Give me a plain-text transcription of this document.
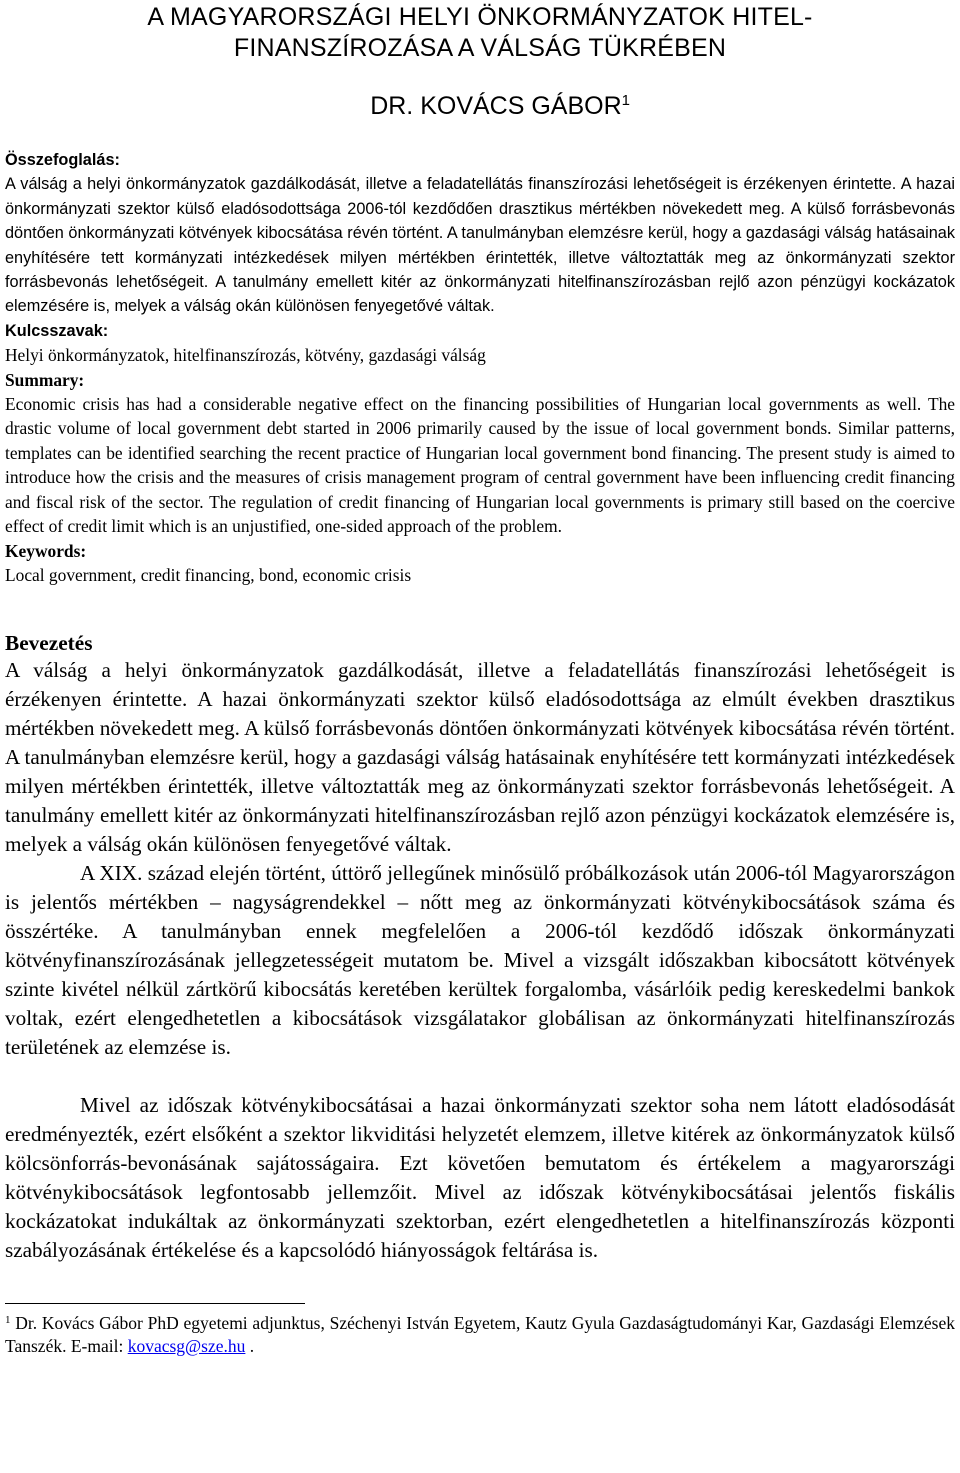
A MAGYARORSZÁGI HELYI ÖNKORMÁNYZATOK HITEL-
FINANSZÍROZÁSA A VÁLSÁG TÜKRÉBEN
DR. KOVÁCS GÁBOR$^1$

Összefoglalás:

A válság a helyi önkormányzatok gazdálkodását, illetve a feladatellátás finanszírozási lehetőségeit is érzékenyen érintette. A hazai önkormányzati szektor külső eladósodottsága 2006-tól kezdődően drasztikus mértékben növekedett meg. A külső forrásbevonás döntően önkormányzati kötvények kibocsátása révén történt. A tanulmányban elemzésre kerül, hogy a gazdasági válság hatásainak enyhítésére tett kormányzati intézkedések milyen mértékben érintették, illetve változtatták meg az önkormányzati szektor forrásbevonás lehetőségeit. A tanulmány emellett kitér az önkormányzati hitelfinanszírozásban rejlő azon pénzügyi kockázatok elemzésére is, melyek a válság okán különösen fenyegetővé váltak.

Kulcsszavak:

Helyi önkormányzatok, hitelfinanszírozás, kötvény, gazdasági válság

Summary:

Economic crisis has had a considerable negative effect on the financing possibilities of Hungarian local governments as well. The drastic volume of local government debt started in 2006 primarily caused by the issue of local government bonds. Similar patterns, templates can be identified searching the recent practice of Hungarian local government bond financing. The present study is aimed to introduce how the crisis and the measures of crisis management program of central government have been influencing credit financing and fiscal risk of the sector. The regulation of credit financing of Hungarian local governments is primary still based on the coercive effect of credit limit which is an unjustified, one-sided approach of the problem.

Keywords:

Local government, credit financing, bond, economic crisis

Bevezetés

A válság a helyi önkormányzatok gazdálkodását, illetve a feladatellátás finanszírozási lehetőségeit is érzékenyen érintette. A hazai önkormányzati szektor külső eladósodottsága az elmúlt években drasztikus mértékben növekedett meg. A külső forrásbevonás döntően önkormányzati kötvények kibocsátása révén történt. A tanulmányban elemzésre kerül, hogy a gazdasági válság hatásainak enyhítésére tett kormányzati intézkedések milyen mértékben érintették, illetve változtatták meg az önkormányzati szektor forrásbevonás lehetőségeit. A tanulmány emellett kitér az önkormányzati hitelfinanszírozásban rejlő azon pénzügyi kockázatok elemzésére is, melyek a válság okán különösen fenyegetővé váltak.

A XIX. század elején történt, úttörő jellegűnek minősülő próbálkozások után 2006-tól Magyarországon is jelentős mértékben – nagyságrendekkel – nőtt meg az önkormányzati kötvénykibocsátások száma és összértéke. A tanulmányban ennek megfelelően a 2006-tól kezdődő időszak önkormányzati kötvényfinanszírozásának jellegzetességeit mutatom be. Mivel a vizsgált időszakban kibocsátott kötvények szinte kivétel nélkül zártkörű kibocsátás keretében kerültek forgalomba, vásárlóik pedig kereskedelmi bankok voltak, ezért elengedhetetlen a kibocsátások vizsgálatakor globálisan az önkormányzati hitelfinanszírozás területének az elemzése is.

Mivel az időszak kötvénykibocsátásai a hazai önkormányzati szektor soha nem látott eladósodását eredményezték, ezért elsőként a szektor likviditási helyzetét elemzem, illetve kitérek az önkormányzatok külső kölcsönforrás-bevonásának sajátosságaira. Ezt követően bemutatom és értékelem a magyarországi kötvénykibocsátások legfontosabb jellemzőit. Mivel az időszak kötvénykibocsátásai jelentős fiskális kockázatokat indukáltak az önkormányzati szektorban, ezért elengedhetetlen a hitelfinanszírozás központi szabályozásának értékelése és a kapcsolódó hiányosságok feltárása is.

$^1$ Dr. Kovács Gábor PhD egyetemi adjunktus, Széchenyi István Egyetem, Kautz Gyula Gazdaságtudományi Kar, Gazdasági Elemzések Tanszék. E-mail: kovacsg@sze.hu .
